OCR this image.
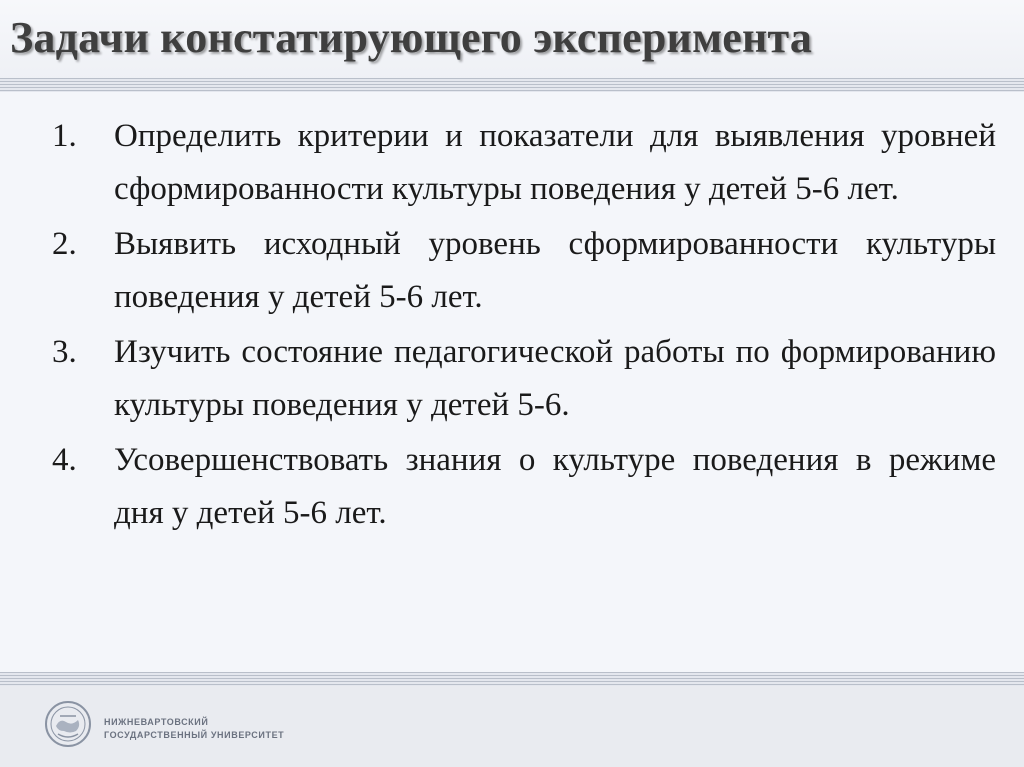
Задачи констатирующего эксперимента
1.	Определить критерии и показатели для выявления уровней сформированности культуры поведения у детей 5-6 лет.
2.	Выявить исходный уровень сформированности культуры поведения у детей 5-6 лет.
3.	Изучить состояние педагогической работы по формированию культуры поведения у детей 5-6.
4.	Усовершенствовать знания о культуре поведения в режиме дня у детей 5-6 лет.
НИЖНЕВАРТОВСКИЙ
ГОСУДАРСТВЕННЫЙ УНИВЕРСИТЕТ
